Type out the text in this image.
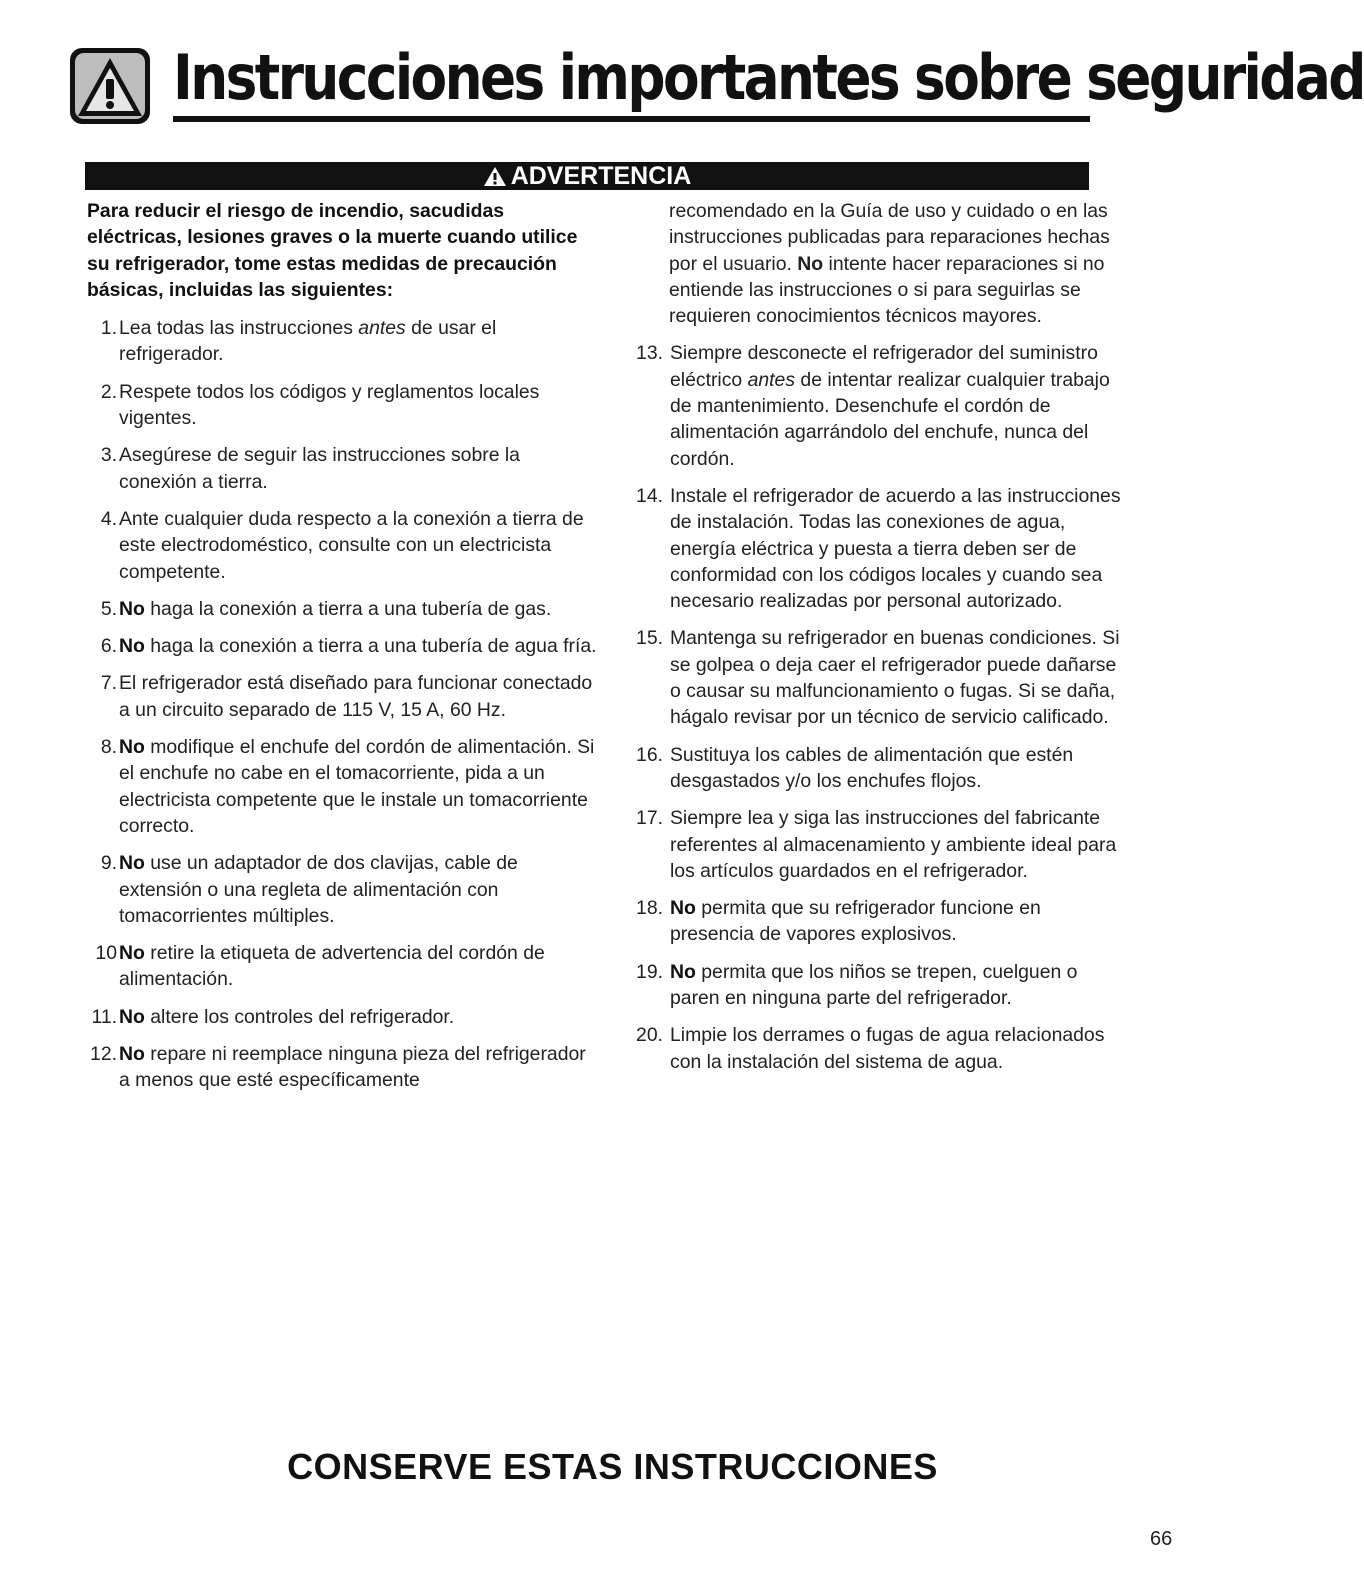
Instrucciones importantes sobre seguridad
ADVERTENCIA

Para reducir el riesgo de incendio, sacudidas eléctricas, lesiones graves o la muerte cuando utilice su refrigerador, tome estas medidas de precaución básicas, incluidas las siguientes:

1. Lea todas las instrucciones antes de usar el refrigerador.
2. Respete todos los códigos y reglamentos locales vigentes.
3. Asegúrese de seguir las instrucciones sobre la conexión a tierra.
4. Ante cualquier duda respecto a la conexión a tierra de este electrodoméstico, consulte con un electricista competente.
5. No haga la conexión a tierra a una tubería de gas.
6. No haga la conexión a tierra a una tubería de agua fría.
7. El refrigerador está diseñado para funcionar conectado a un circuito separado de 115 V, 15 A, 60 Hz.
8. No modifique el enchufe del cordón de alimentación. Si el enchufe no cabe en el tomacorriente, pida a un electricista competente que le instale un tomacorriente correcto.
9. No use un adaptador de dos clavijas, cable de extensión o una regleta de alimentación con tomacorrientes múltiples.
10 No retire la etiqueta de advertencia del cordón de alimentación.
11. No altere los controles del refrigerador.
12. No repare ni reemplace ninguna pieza del refrigerador a menos que esté específicamente

recomendado en la Guía de uso y cuidado o en las instrucciones publicadas para reparaciones hechas por el usuario. No intente hacer reparaciones si no entiende las instrucciones o si para seguirlas se requieren conocimientos técnicos mayores.

13. Siempre desconecte el refrigerador del suministro eléctrico antes de intentar realizar cualquier trabajo de mantenimiento. Desenchufe el cordón de alimentación agarrándolo del enchufe, nunca del cordón.
14. Instale el refrigerador de acuerdo a las instrucciones de instalación. Todas las conexiones de agua, energía eléctrica y puesta a tierra deben ser de conformidad con los códigos locales y cuando sea necesario realizadas por personal autorizado.
15. Mantenga su refrigerador en buenas condiciones. Si se golpea o deja caer el refrigerador puede dañarse o causar su malfuncionamiento o fugas. Si se daña, hágalo revisar por un técnico de servicio calificado.
16. Sustituya los cables de alimentación que estén desgastados y/o los enchufes flojos.
17. Siempre lea y siga las instrucciones del fabricante referentes al almacenamiento y ambiente ideal para los artículos guardados en el refrigerador.
18. No permita que su refrigerador funcione en presencia de vapores explosivos.
19. No permita que los niños se trepen, cuelguen o paren en ninguna parte del refrigerador.
20. Limpie los derrames o fugas de agua relacionados con la instalación del sistema de agua.
CONSERVE ESTAS INSTRUCCIONES
66
